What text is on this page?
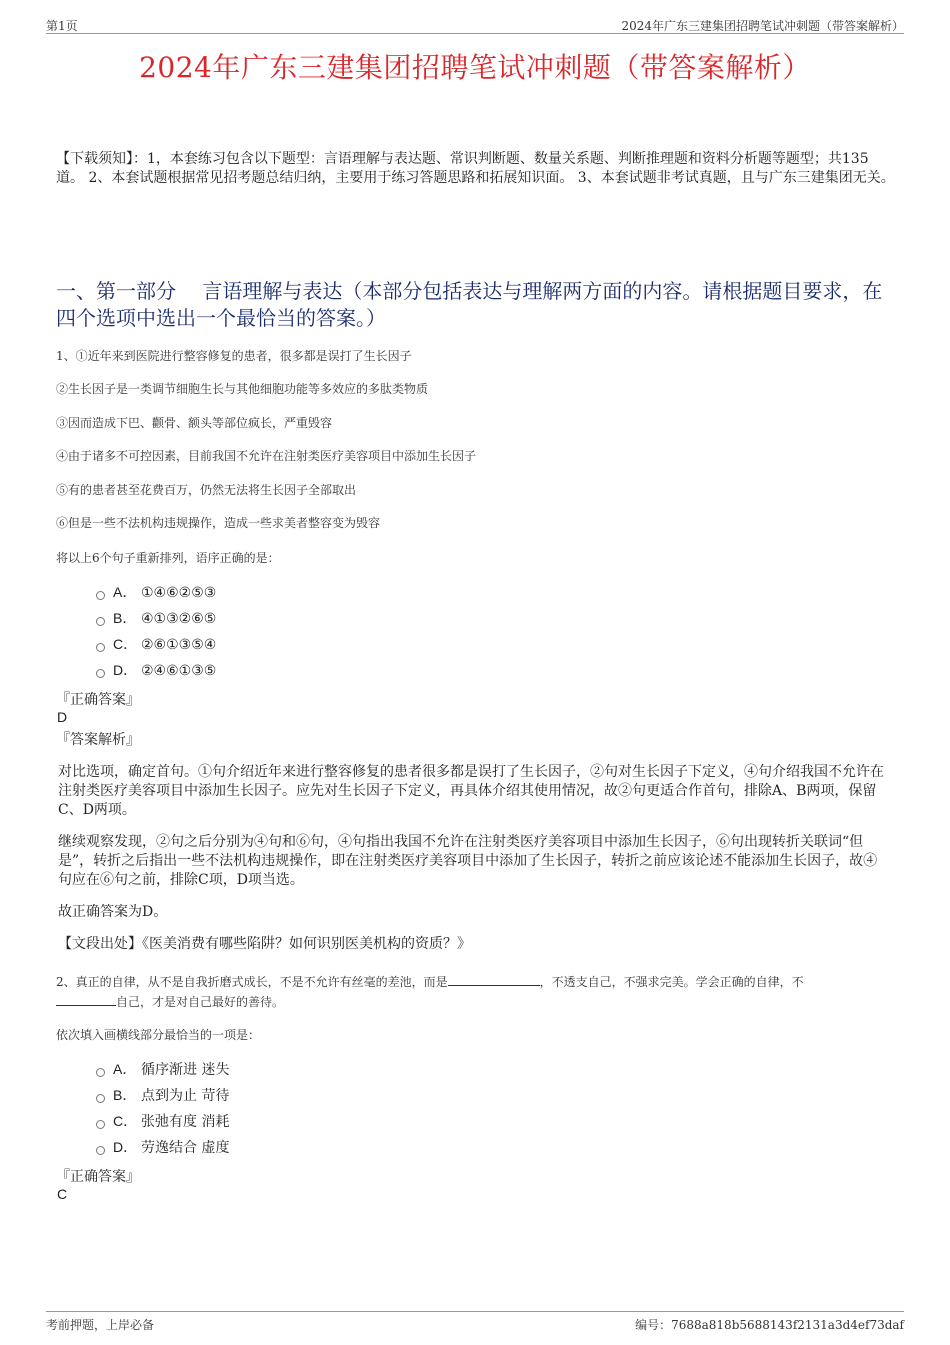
第1页	2024年广东三建集团招聘笔试冲刺题（带答案解析）
2024年广东三建集团招聘笔试冲刺题（带答案解析）
【下载须知】：1，本套练习包含以下题型：言语理解与表达题、常识判断题、数量关系题、判断推理题和资料分析题等题型；共135道。 2、本套试题根据常见招考题总结归纳，主要用于练习答题思路和拓展知识面。 3、本套试题非考试真题，且与广东三建集团无关。
一、第一部分　 言语理解与表达（本部分包括表达与理解两方面的内容。请根据题目要求，在四个选项中选出一个最恰当的答案。）
1、①近年来到医院进行整容修复的患者，很多都是误打了生长因子
②生长因子是一类调节细胞生长与其他细胞功能等多效应的多肽类物质
③因而造成下巴、颧骨、额头等部位疯长，严重毁容
④由于诸多不可控因素，目前我国不允许在注射类医疗美容项目中添加生长因子
⑤有的患者甚至花费百万，仍然无法将生长因子全部取出
⑥但是一些不法机构违规操作，造成一些求美者整容变为毁容
将以上6个句子重新排列，语序正确的是：
A． ①④⑥②⑤③
B． ④①③②⑥⑤
C． ②⑥①③⑤④
D． ②④⑥①③⑤
『正确答案』
D
『答案解析』
对比选项，确定首句。①句介绍近年来进行整容修复的患者很多都是误打了生长因子，②句对生长因子下定义，④句介绍我国不允许在注射类医疗美容项目中添加生长因子。应先对生长因子下定义，再具体介绍其使用情况，故②句更适合作首句，排除A、B两项，保留C、D两项。
继续观察发现，②句之后分别为④句和⑥句，④句指出我国不允许在注射类医疗美容项目中添加生长因子，⑥句出现转折关联词“但是”，转折之后指出一些不法机构违规操作，即在注射类医疗美容项目中添加了生长因子，转折之前应该论述不能添加生长因子，故④句应在⑥句之前，排除C项，D项当选。
故正确答案为D。
【文段出处】《医美消费有哪些陷阱？如何识别医美机构的资质？》
2、真正的自律，从不是自我折磨式成长，不是不允许有丝毫的差池，而是	，不透支自己，不强求完美。学会正确的自律，不
自己，才是对自己最好的善待。
依次填入画横线部分最恰当的一项是：
A． 循序渐进 迷失
B． 点到为止 苛待
C． 张弛有度 消耗
D． 劳逸结合 虚度
『正确答案』
C
考前押题，上岸必备	编号：7688a818b5688143f2131a3d4ef73daf
